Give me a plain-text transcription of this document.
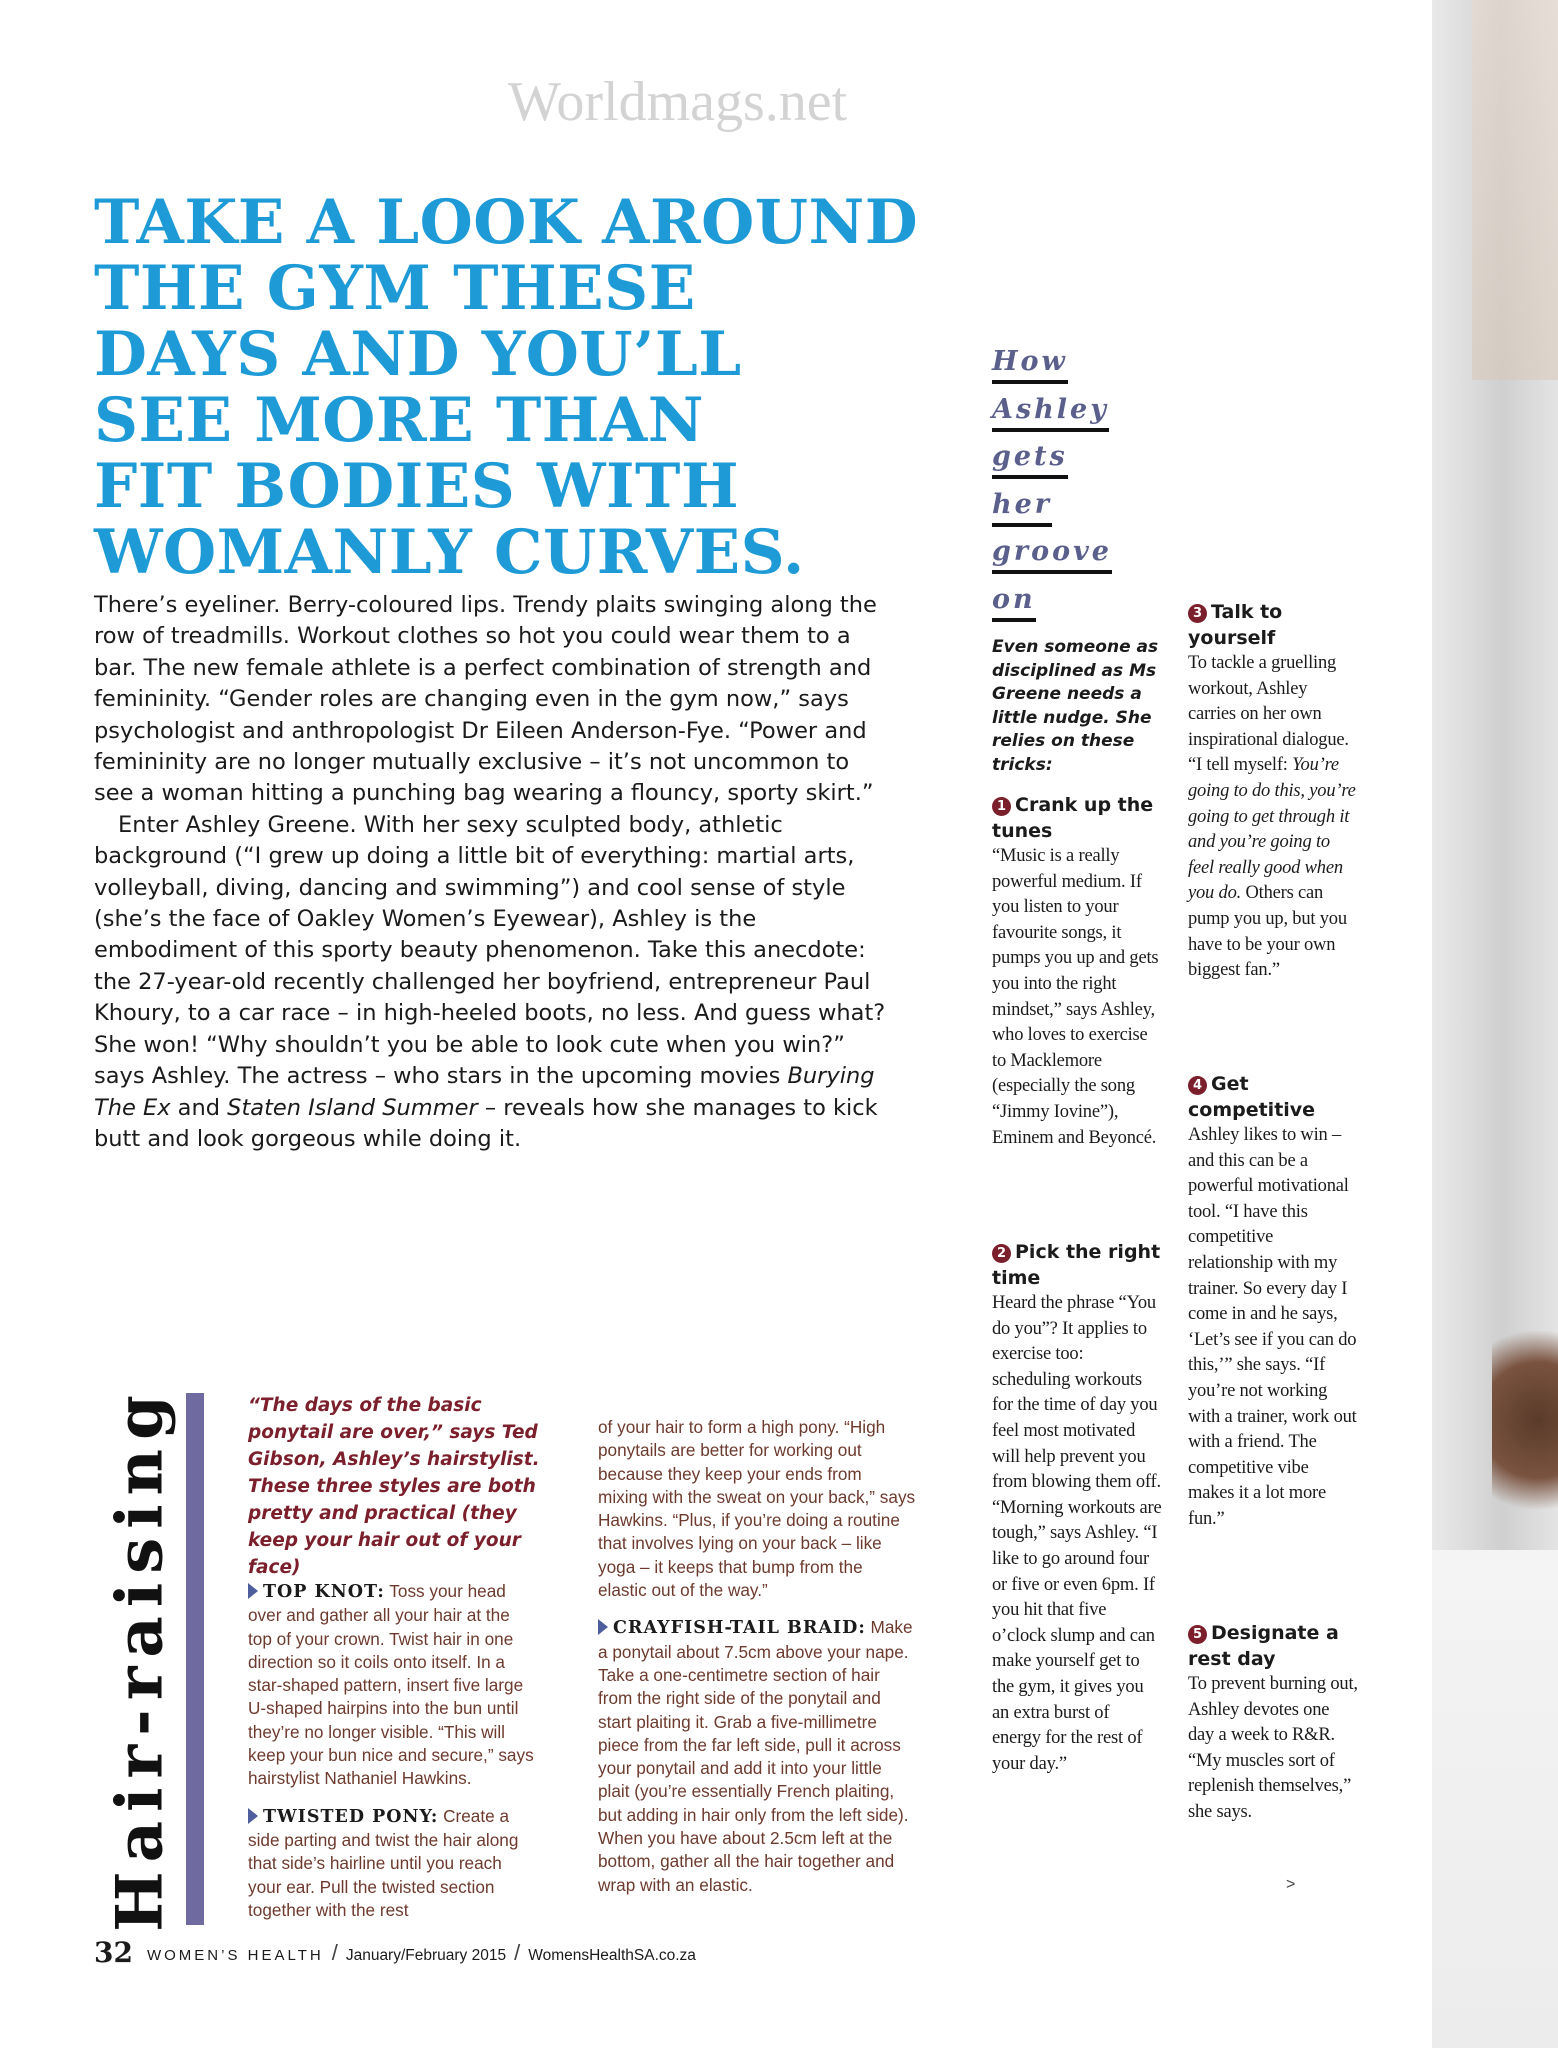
Worldmags.net
TAKE A LOOK AROUND
THE GYM THESE
DAYS AND YOU’LL
SEE MORE THAN
FIT BODIES WITH
WOMANLY CURVES.

There’s eyeliner. Berry-coloured lips. Trendy plaits swinging along the row of treadmills. Workout clothes so hot you could wear them to a bar. The new female athlete is a perfect combination of strength and femininity. “Gender roles are changing even in the gym now,” says psychologist and anthropologist Dr Eileen Anderson-Fye. “Power and femininity are no longer mutually exclusive – it’s not uncommon to see a woman hitting a punching bag wearing a flouncy, sporty skirt.”

Enter Ashley Greene. With her sexy sculpted body, athletic background (“I grew up doing a little bit of everything: martial arts, volleyball, diving, dancing and swimming”) and cool sense of style (she’s the face of Oakley Women’s Eyewear), Ashley is the embodiment of this sporty beauty phenomenon. Take this anecdote: the 27-year-old recently challenged her boyfriend, entrepreneur Paul Khoury, to a car race – in high-heeled boots, no less. And guess what? She won! “Why shouldn’t you be able to look cute when you win?” says Ashley. The actress – who stars in the upcoming movies Burying The Ex and Staten Island Summer – reveals how she manages to kick butt and look gorgeous while doing it.

How
Ashley
gets
her
groove
on
Even someone as disciplined as Ms Greene needs a little nudge. She relies on these tricks:
1 Crank up the tunes
“Music is a really powerful medium. If you listen to your favourite songs, it pumps you up and gets you into the right mindset,” says Ashley, who loves to exercise to Macklemore (especially the song “Jimmy Iovine”), Eminem and Beyoncé.
2 Pick the right time
Heard the phrase “You do you”? It applies to exercise too: scheduling workouts for the time of day you feel most motivated will help prevent you from blowing them off. “Morning workouts are tough,” says Ashley. “I like to go around four or five or even 6pm. If you hit that five o’clock slump and can make yourself get to the gym, it gives you an extra burst of energy for the rest of your day.”
3 Talk to yourself
To tackle a gruelling workout, Ashley carries on her own inspirational dialogue. “I tell myself: You’re going to do this, you’re going to get through it and you’re going to feel really good when you do. Others can pump you up, but you have to be your own biggest fan.”
4 Get competitive
Ashley likes to win – and this can be a powerful motivational tool. “I have this competitive relationship with my trainer. So every day I come in and he says, ‘Let’s see if you can do this,’” she says. “If you’re not working with a trainer, work out with a friend. The competitive vibe makes it a lot more fun.”
5 Designate a rest day
To prevent burning out, Ashley devotes one day a week to R&R. “My muscles sort of replenish themselves,” she says.
>
Hair-raising	“The days of the basic ponytail are over,” says Ted Gibson, Ashley’s hairstylist. These three styles are both pretty and practical (they keep your hair out of your face)

TOP KNOT: Toss your head over and gather all your hair at the top of your crown. Twist hair in one direction so it coils onto itself. In a star-shaped pattern, insert five large U-shaped hairpins into the bun until they’re no longer visible. “This will keep your bun nice and secure,” says hairstylist Nathaniel Hawkins.

TWISTED PONY: Create a side parting and twist the hair along that side’s hairline until you reach your ear. Pull the twisted section together with the rest

of your hair to form a high pony. “High ponytails are better for working out because they keep your ends from mixing with the sweat on your back,” says Hawkins. “Plus, if you’re doing a routine that involves lying on your back – like yoga – it keeps that bump from the elastic out of the way.”

CRAYFISH-TAIL BRAID: Make a ponytail about 7.5cm above your nape. Take a one-centimetre section of hair from the right side of the ponytail and start plaiting it. Grab a five-millimetre piece from the far left side, pull it across your ponytail and add it into your little plait (you’re essentially French plaiting, but adding in hair only from the left side). When you have about 2.5cm left at the bottom, gather all the hair together and wrap with an elastic.

32 WOMEN’S HEALTH / January/February 2015 / WomensHealthSA.co.za
